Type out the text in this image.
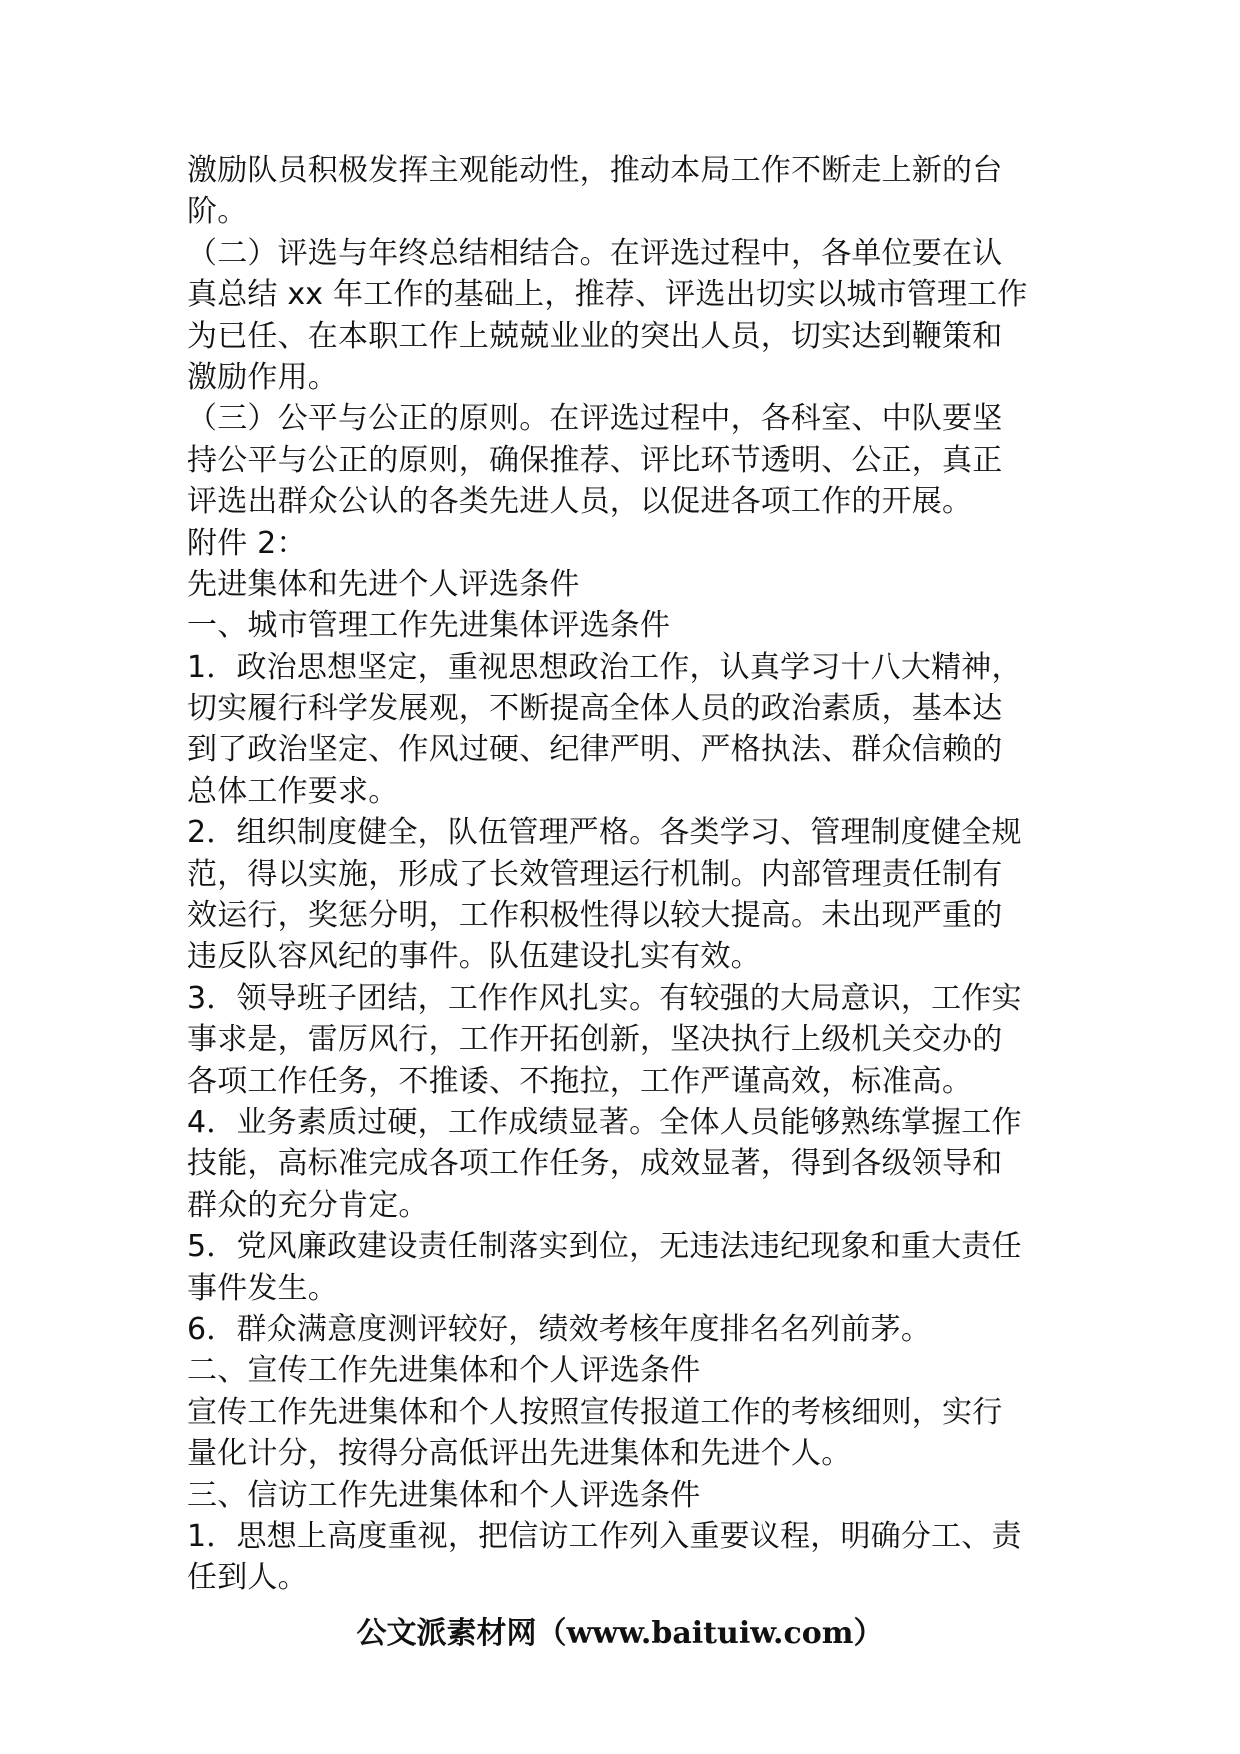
激励队员积极发挥主观能动性，推动本局工作不断走上新的台
阶。
（二）评选与年终总结相结合。在评选过程中，各单位要在认
真总结 xx 年工作的基础上，推荐、评选出切实以城市管理工作
为已任、在本职工作上兢兢业业的突出人员，切实达到鞭策和
激励作用。
（三）公平与公正的原则。在评选过程中，各科室、中队要坚
持公平与公正的原则，确保推荐、评比环节透明、公正，真正
评选出群众公认的各类先进人员，以促进各项工作的开展。
附件 2：
先进集体和先进个人评选条件
一、城市管理工作先进集体评选条件
1．政治思想坚定，重视思想政治工作，认真学习十八大精神，
切实履行科学发展观，不断提高全体人员的政治素质，基本达
到了政治坚定、作风过硬、纪律严明、严格执法、群众信赖的
总体工作要求。
2．组织制度健全，队伍管理严格。各类学习、管理制度健全规
范，得以实施，形成了长效管理运行机制。内部管理责任制有
效运行，奖惩分明，工作积极性得以较大提高。未出现严重的
违反队容风纪的事件。队伍建设扎实有效。
3．领导班子团结，工作作风扎实。有较强的大局意识，工作实
事求是，雷厉风行，工作开拓创新，坚决执行上级机关交办的
各项工作任务，不推诿、不拖拉，工作严谨高效，标准高。
4．业务素质过硬，工作成绩显著。全体人员能够熟练掌握工作
技能，高标准完成各项工作任务，成效显著，得到各级领导和
群众的充分肯定。
5．党风廉政建设责任制落实到位，无违法违纪现象和重大责任
事件发生。
6．群众满意度测评较好，绩效考核年度排名名列前茅。
二、宣传工作先进集体和个人评选条件
宣传工作先进集体和个人按照宣传报道工作的考核细则，实行
量化计分，按得分高低评出先进集体和先进个人。
三、信访工作先进集体和个人评选条件
1．思想上高度重视，把信访工作列入重要议程，明确分工、责
任到人。
公文派素材网（www.baituiw.com）
